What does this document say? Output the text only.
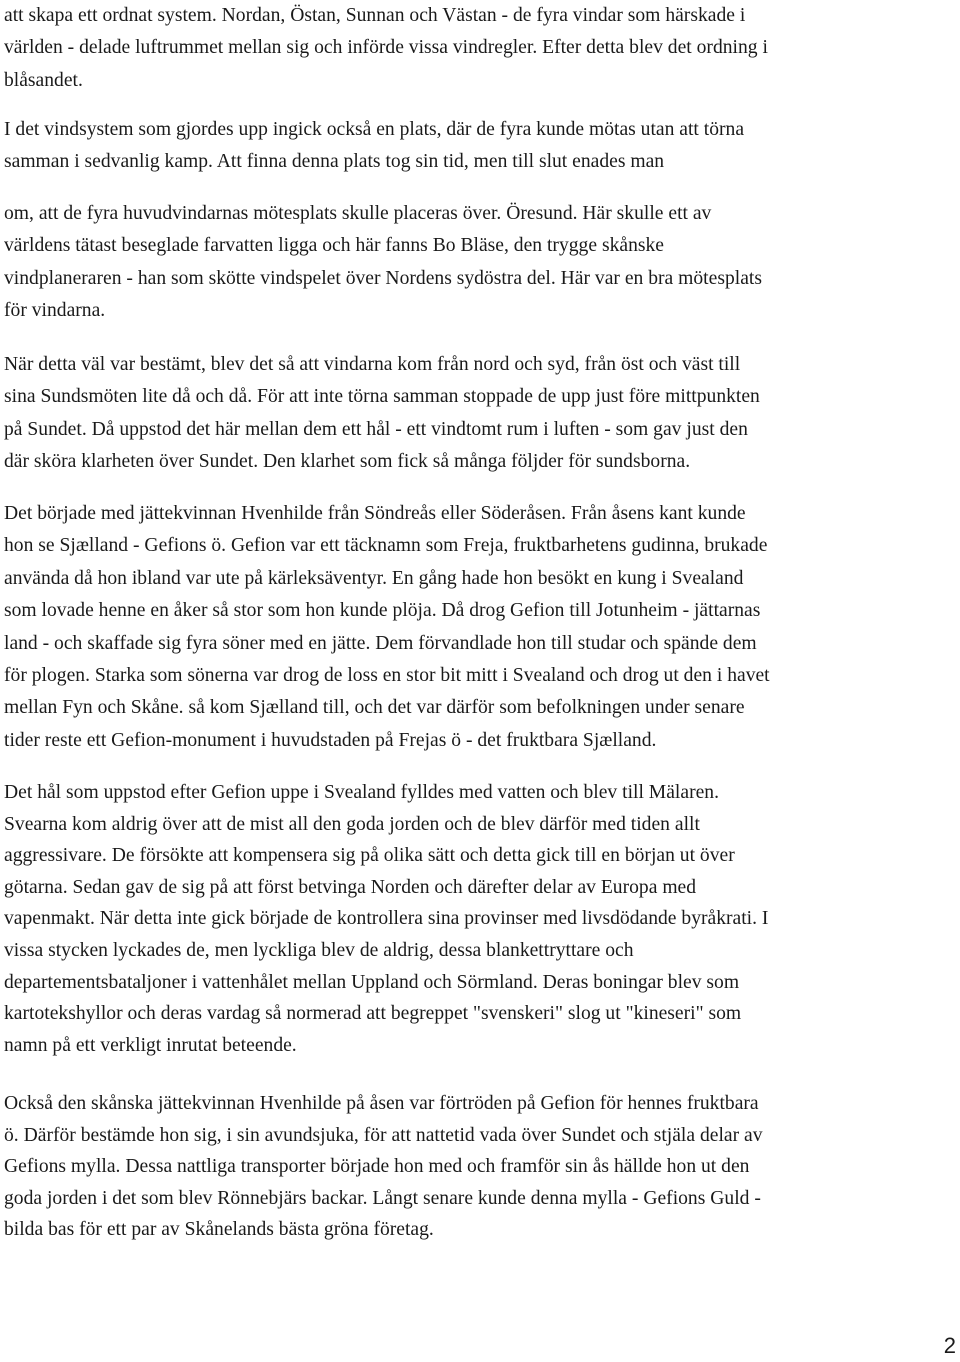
att skapa ett ordnat system. Nordan, Östan, Sunnan och Västan - de fyra vindar som härskade i
världen - delade luftrummet mellan sig och införde vissa vindregler. Efter detta blev det ordning i
blåsandet.
I det vindsystem som gjordes upp ingick också en plats, där de fyra kunde mötas utan att törna
samman i sedvanlig kamp. Att finna denna plats tog sin tid, men till slut enades man
om, att de fyra huvudvindarnas mötesplats skulle placeras över. Öresund. Här skulle ett av
världens tätast beseglade farvatten ligga och här fanns Bo Bläse, den trygge skånske
vindplaneraren - han som skötte vindspelet över Nordens sydöstra del. Här var en bra mötesplats
för vindarna.
När detta väl var bestämt, blev det så att vindarna kom från nord och syd, från öst och väst till
sina Sundsmöten lite då och då. För att inte törna samman stoppade de upp just före mittpunkten
på Sundet. Då uppstod det här mellan dem ett hål - ett vindtomt rum i luften - som gav just den
där sköra klarheten över Sundet. Den klarhet som fick så många följder för sundsborna.
Det började med jättekvinnan Hvenhilde från Söndreås eller Söderåsen. Från åsens kant kunde
hon se Sjælland - Gefions ö. Gefion var ett täcknamn som Freja, fruktbarhetens gudinna, brukade
använda då hon ibland var ute på kärleksäventyr. En gång hade hon besökt en kung i Svealand
som lovade henne en åker så stor som hon kunde plöja. Då drog Gefion till Jotunheim - jättarnas
land - och skaffade sig fyra söner med en jätte. Dem förvandlade hon till studar och spände dem
för plogen. Starka som sönerna var drog de loss en stor bit mitt i Svealand och drog ut den i havet
mellan Fyn och Skåne. så kom Sjælland till, och det var därför som befolkningen under senare
tider reste ett Gefion-monument i huvudstaden på Frejas ö - det fruktbara Sjælland.
Det hål som uppstod efter Gefion uppe i Svealand fylldes med vatten och blev till Mälaren.
Svearna kom aldrig över att de mist all den goda jorden och de blev därför med tiden allt
aggressivare. De försökte att kompensera sig på olika sätt och detta gick till en början ut över
götarna. Sedan gav de sig på att först betvinga Norden och därefter delar av Europa med
vapenmakt. När detta inte gick började de kontrollera sina provinser med livsdödande byråkrati. I
vissa stycken lyckades de, men lyckliga blev de aldrig, dessa blankettryttare och
departementsbataljoner i vattenhålet mellan Uppland och Sörmland. Deras boningar blev som
kartotekshyllor och deras vardag så normerad att begreppet "svenskeri" slog ut "kineseri" som
namn på ett verkligt inrutat beteende.
Också den skånska jättekvinnan Hvenhilde på åsen var förtröden på Gefion för hennes fruktbara
ö. Därför bestämde hon sig, i sin avundsjuka, för att nattetid vada över Sundet och stjäla delar av
Gefions mylla. Dessa nattliga transporter började hon med och framför sin ås hällde hon ut den
goda jorden i det som blev Rönnebjärs backar. Långt senare kunde denna mylla - Gefions Guld -
bilda bas för ett par av Skånelands bästa gröna företag.
2
